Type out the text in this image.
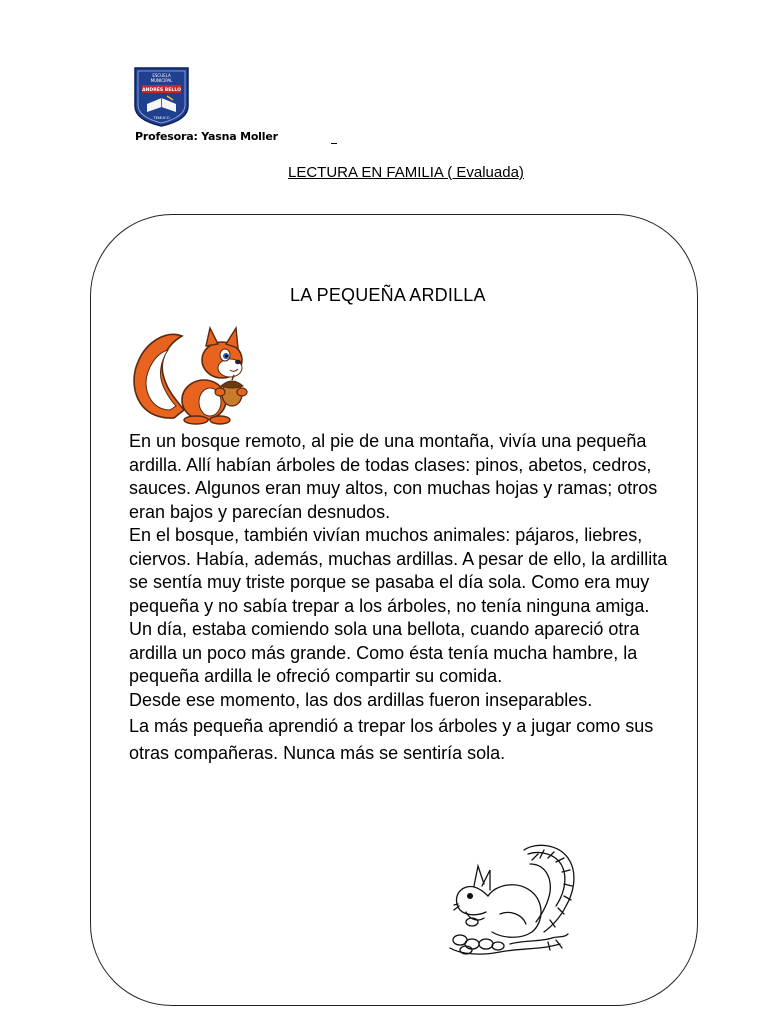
ESCUELA
MUNICIPAL
ANDRÉS BELLO
TEMUCO
Profesora: Yasna Moller
LECTURA EN FAMILIA ( Evaluada)
LA PEQUEÑA ARDILLA

En un bosque remoto, al pie de una montaña, vivía una pequeña ardilla. Allí habían árboles de todas clases: pinos, abetos, cedros, sauces. Algunos eran muy altos, con muchas hojas y ramas; otros eran bajos y parecían desnudos.

En el bosque, también vivían muchos animales: pájaros, liebres, ciervos. Había, además, muchas ardillas. A pesar de ello, la ardillita se sentía muy triste porque se pasaba el día sola. Como era muy pequeña y no sabía trepar a los árboles, no tenía ninguna amiga.

Un día, estaba comiendo sola una bellota, cuando apareció otra ardilla un poco más grande. Como ésta tenía mucha hambre, la pequeña ardilla le ofreció compartir su comida.

Desde ese momento, las dos ardillas fueron inseparables.

La más pequeña aprendió a trepar los árboles y a jugar como sus otras compañeras. Nunca más se sentiría sola.
